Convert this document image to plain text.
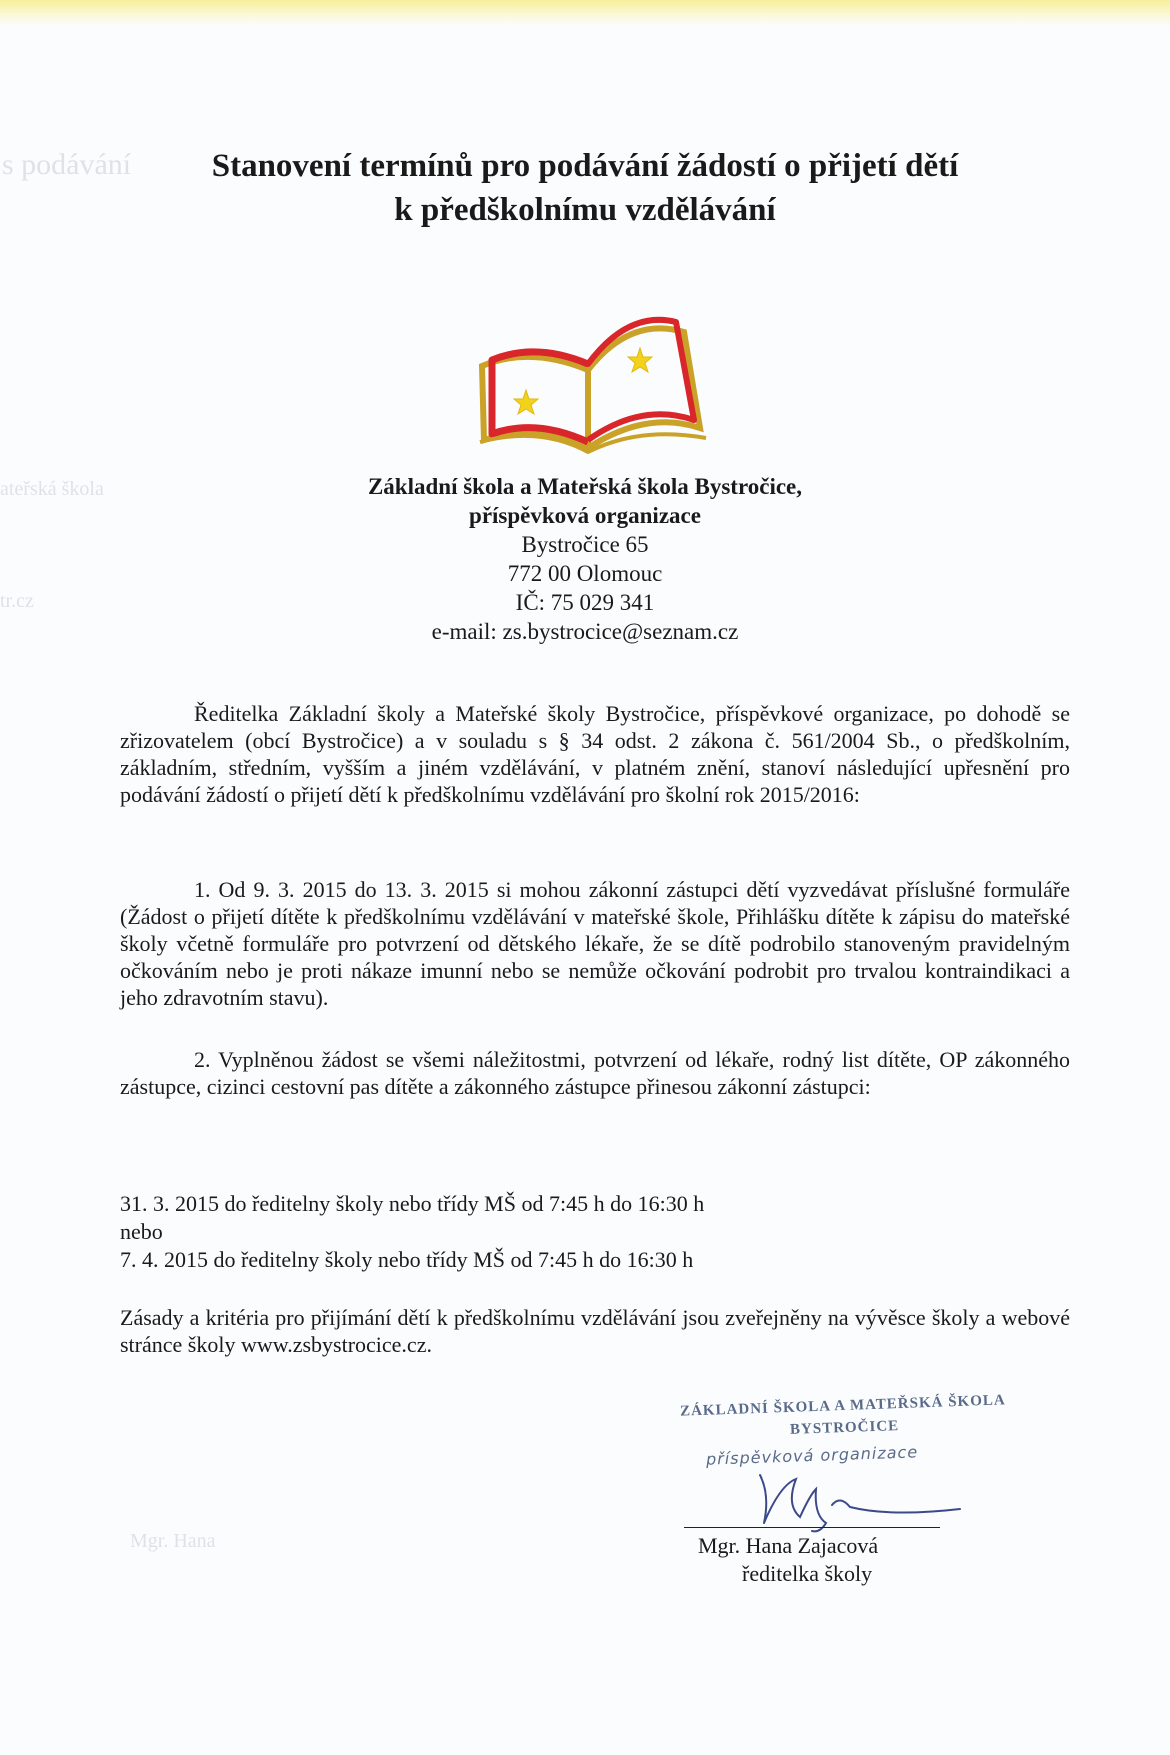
ѕ podávání
ateřská škola
tr.cz
Mgr. Hana
Stanovení termínů pro podávání žádostí o přijetí dětí
k předškolnímu vzdělávání
Základní škola a Mateřská škola Bystročice,
příspěvková organizace
Bystročice 65
772 00 Olomouc
IČ: 75 029 341
e-mail: zs.bystrocice@seznam.cz
Ředitelka Základní školy a Mateřské školy Bystročice, příspěvkové organizace, po dohodě se zřizovatelem (obcí Bystročice) a v souladu s § 34 odst. 2 zákona č. 561/2004 Sb., o předškolním, základním, středním, vyšším a jiném vzdělávání, v platném znění, stanoví následující upřesnění pro podávání žádostí o přijetí dětí k předškolnímu vzdělávání pro školní rok 2015/2016:
1. Od 9. 3. 2015 do 13. 3. 2015 si mohou zákonní zástupci dětí vyzvedávat příslušné formuláře (Žádost o přijetí dítěte k předškolnímu vzdělávání v mateřské škole, Přihlášku dítěte k zápisu do mateřské školy včetně formuláře pro potvrzení od dětského lékaře, že se dítě podrobilo stanoveným pravidelným očkováním nebo je proti nákaze imunní nebo se nemůže očkování podrobit pro trvalou kontraindikaci a jeho zdravotním stavu).
2. Vyplněnou žádost se všemi náležitostmi, potvrzení od lékaře, rodný list dítěte, OP zákonného zástupce, cizinci cestovní pas dítěte a zákonného zástupce přinesou zákonní zástupci:
31. 3. 2015 do ředitelny školy nebo třídy MŠ od 7:45 h do 16:30 h
nebo
7. 4. 2015 do ředitelny školy nebo třídy MŠ od 7:45 h do 16:30 h
Zásady a kritéria pro přijímání dětí k předškolnímu vzdělávání jsou zveřejněny na vývěsce školy a webové stránce školy www.zsbystrocice.cz.
ZÁKLADNÍ ŠKOLA A MATEŘSKÁ ŠKOLA
BYSTROČICE
příspěvková organizace
Mgr. Hana Zajacová
ředitelka školy
